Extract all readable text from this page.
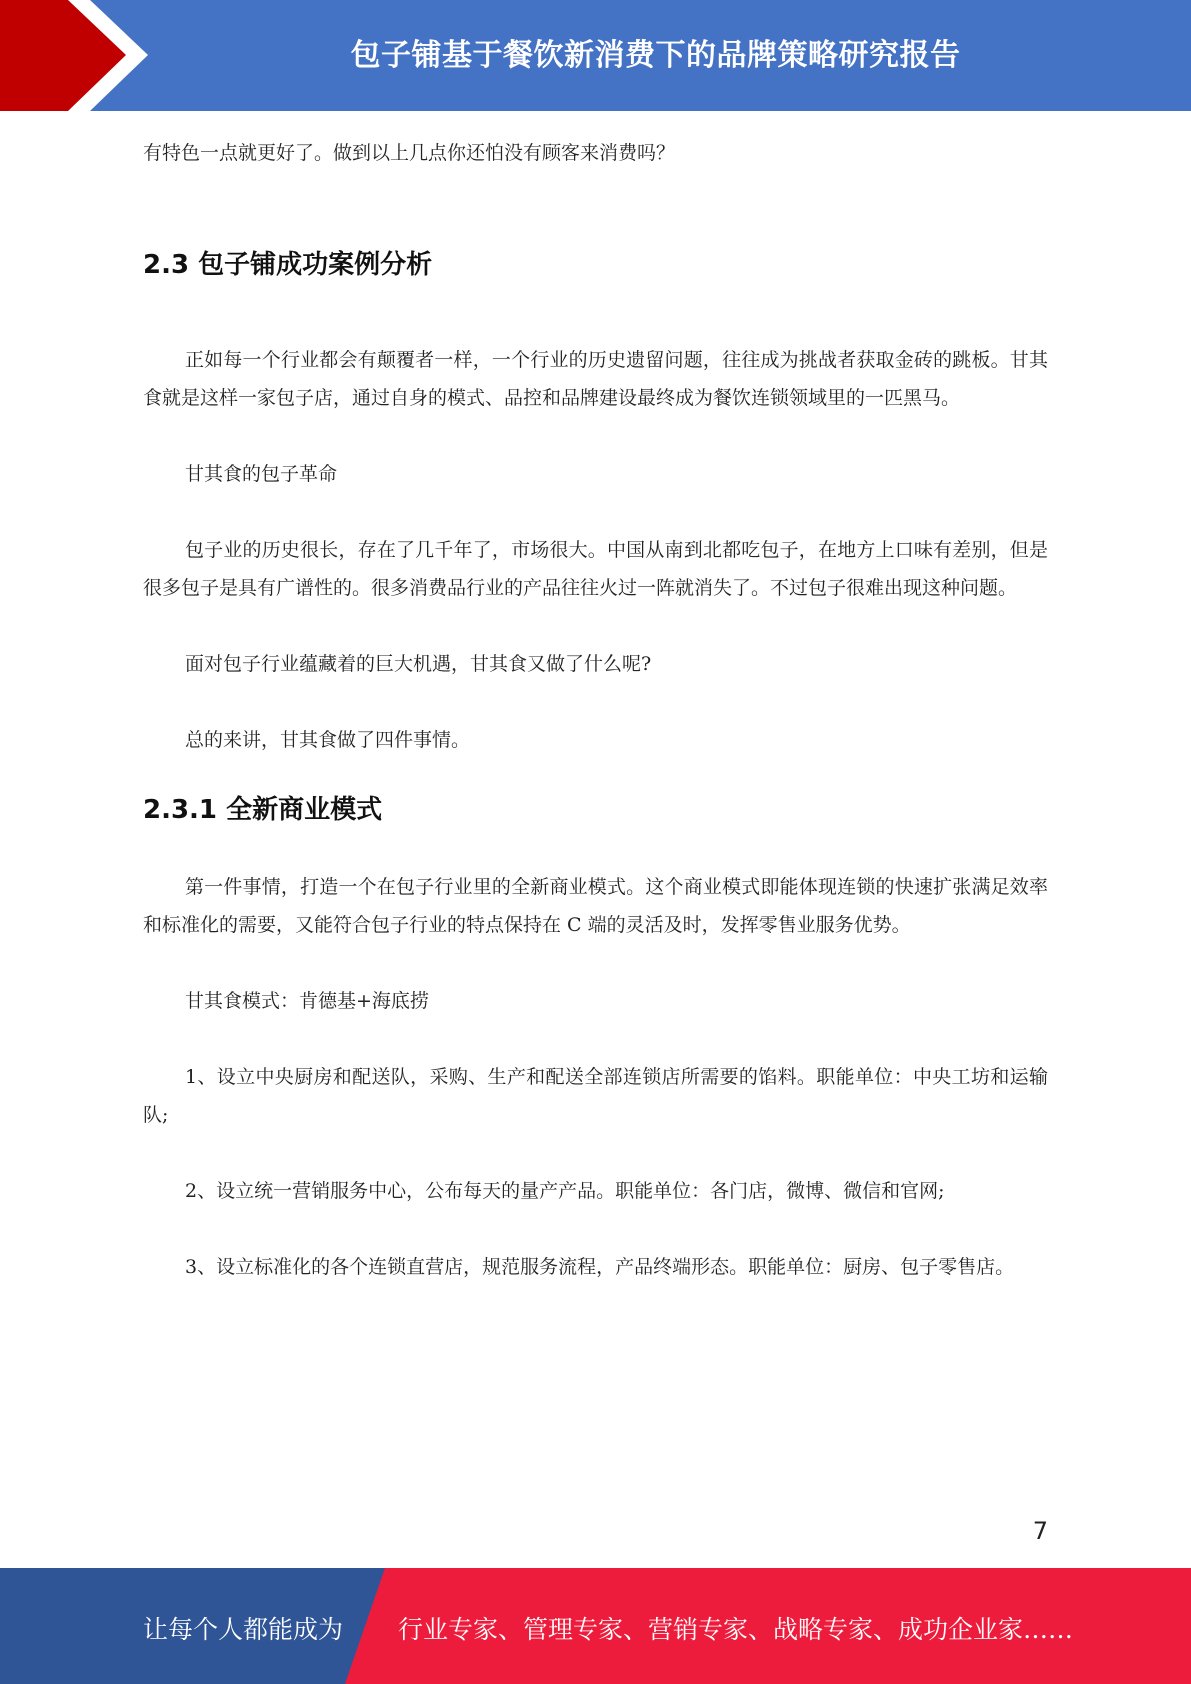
包子铺基于餐饮新消费下的品牌策略研究报告

有特色一点就更好了。做到以上几点你还怕没有顾客来消费吗？

2.3 包子铺成功案例分析

正如每一个行业都会有颠覆者一样，一个行业的历史遗留问题，往往成为挑战者获取金砖的跳板。甘其食就是这样一家包子店，通过自身的模式、品控和品牌建设最终成为餐饮连锁领域里的一匹黑马。

甘其食的包子革命

包子业的历史很长，存在了几千年了，市场很大。中国从南到北都吃包子，在地方上口味有差别，但是很多包子是具有广谱性的。很多消费品行业的产品往往火过一阵就消失了。不过包子很难出现这种问题。

面对包子行业蕴藏着的巨大机遇，甘其食又做了什么呢?

总的来讲，甘其食做了四件事情。

2.3.1 全新商业模式

第一件事情，打造一个在包子行业里的全新商业模式。这个商业模式即能体现连锁的快速扩张满足效率和标准化的需要，又能符合包子行业的特点保持在 C 端的灵活及时，发挥零售业服务优势。

甘其食模式：肯德基+海底捞

1、设立中央厨房和配送队，采购、生产和配送全部连锁店所需要的馅料。职能单位：中央工坊和运输队;

2、设立统一营销服务中心，公布每天的量产产品。职能单位：各门店，微博、微信和官网;

3、设立标准化的各个连锁直营店，规范服务流程，产品终端形态。职能单位：厨房、包子零售店。

7
让每个人都能成为 行业专家、管理专家、营销专家、战略专家、成功企业家……
